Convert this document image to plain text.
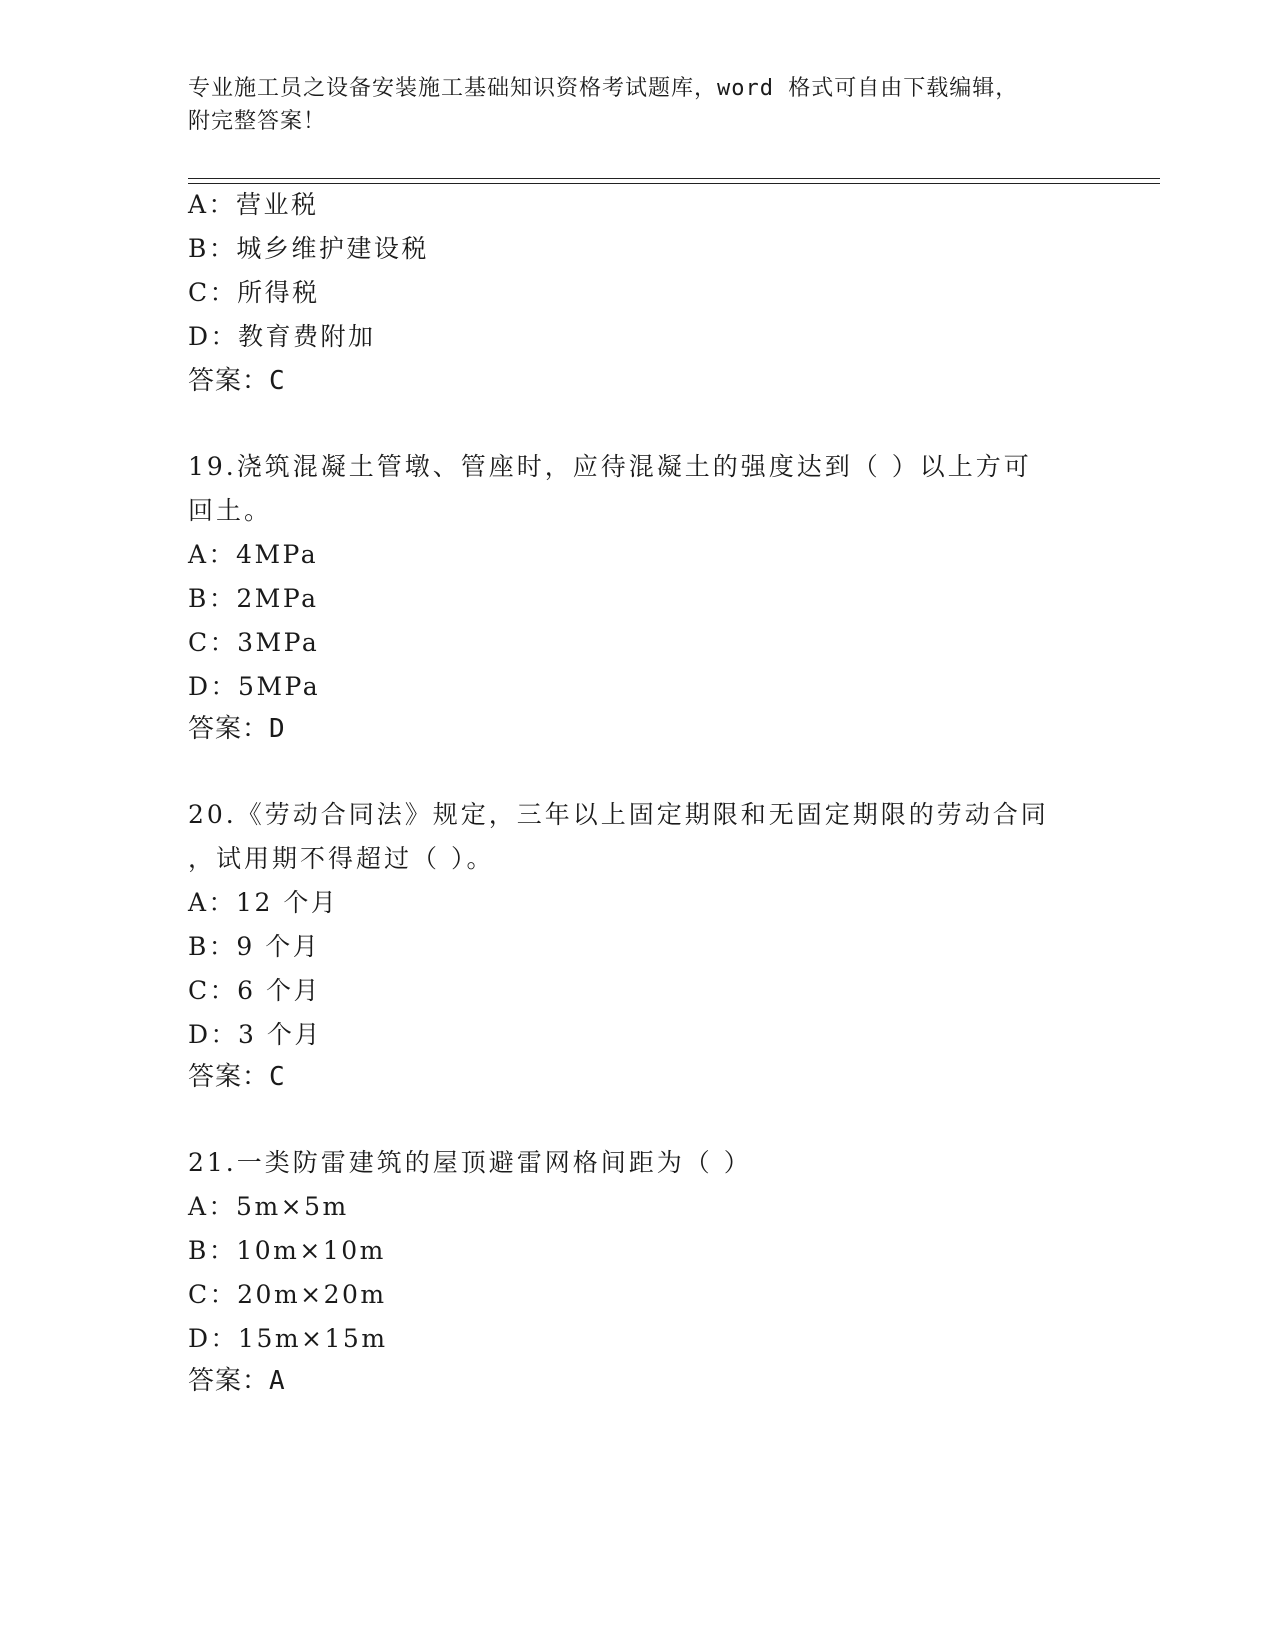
专业施工员之设备安装施工基础知识资格考试题库，word 格式可自由下载编辑，
附完整答案！
A：营业税
B：城乡维护建设税
C：所得税
D：教育费附加
答案：C
19.浇筑混凝土管墩、管座时，应待混凝土的强度达到（ ）以上方可
回土。
A：4MPa
B：2MPa
C：3MPa
D：5MPa
答案：D
20.《劳动合同法》规定，三年以上固定期限和无固定期限的劳动合同
，试用期不得超过（ ）。
A：12 个月
B：9 个月
C：6 个月
D：3 个月
答案：C
21.一类防雷建筑的屋顶避雷网格间距为（ ）
A：5m×5m
B：10m×10m
C：20m×20m
D：15m×15m
答案：A
